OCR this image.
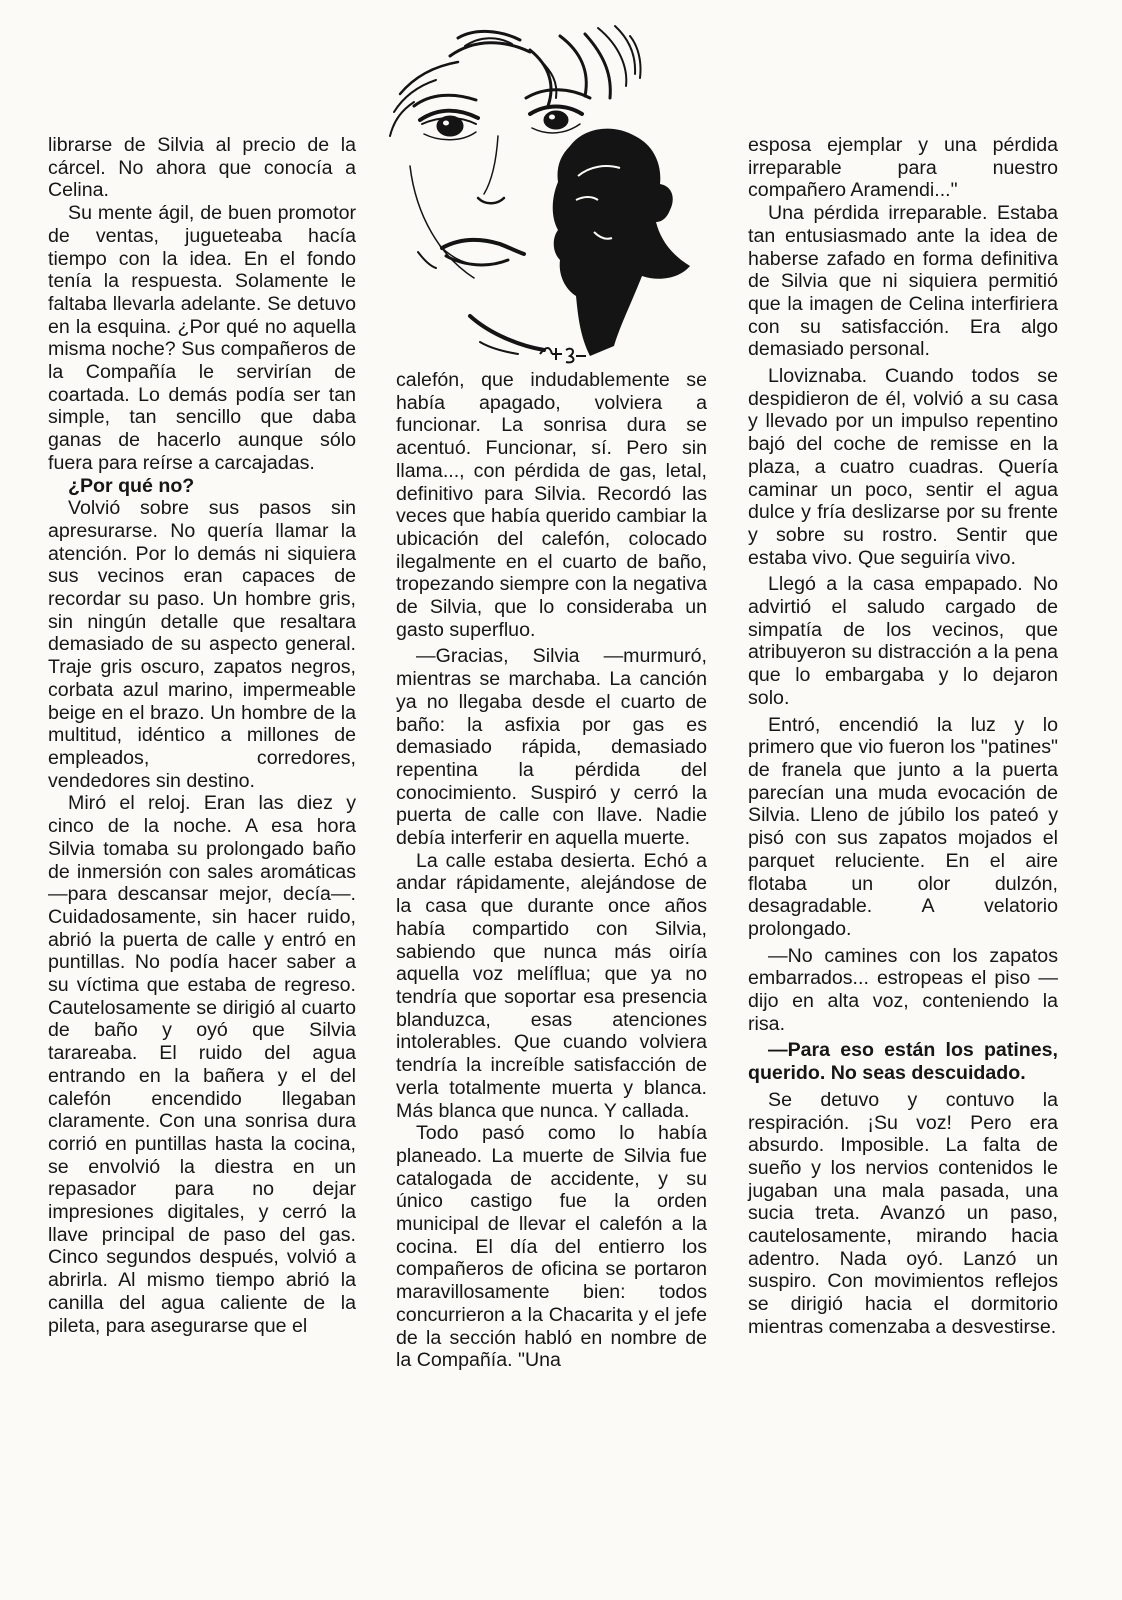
librarse de Silvia al precio de la cárcel. No ahora que conocía a Celina.

Su mente ágil, de buen promotor de ventas, jugueteaba hacía tiempo con la idea. En el fondo tenía la respuesta. Solamente le faltaba llevarla adelante. Se detuvo en la esquina. ¿Por qué no aquella misma noche? Sus compañeros de la Compañía le servirían de coartada. Lo demás podía ser tan simple, tan sencillo que daba ganas de hacerlo aunque sólo fuera para reírse a carcajadas.

¿Por qué no?

Volvió sobre sus pasos sin apresurarse. No quería llamar la atención. Por lo demás ni siquiera sus vecinos eran capaces de recordar su paso. Un hombre gris, sin ningún detalle que resaltara demasiado de su aspecto general. Traje gris oscuro, zapatos negros, corbata azul marino, impermeable beige en el brazo. Un hombre de la multitud, idéntico a millones de empleados, corredores, vendedores sin destino.

Miró el reloj. Eran las diez y cinco de la noche. A esa hora Silvia tomaba su prolongado baño de inmersión con sales aromáticas —para descansar mejor, decía—. Cuidadosamente, sin hacer ruido, abrió la puerta de calle y entró en puntillas. No podía hacer saber a su víctima que estaba de regreso. Cautelosamente se dirigió al cuarto de baño y oyó que Silvia tarareaba. El ruido del agua entrando en la bañera y el del calefón encendido llegaban claramente. Con una sonrisa dura corrió en puntillas hasta la cocina, se envolvió la diestra en un repasador para no dejar impresiones digitales, y cerró la llave principal de paso del gas. Cinco segundos después, volvió a abrirla. Al mismo tiempo abrió la canilla del agua caliente de la pileta, para asegurarse que el

calefón, que indudablemente se había apagado, volviera a funcionar. La sonrisa dura se acentuó. Funcionar, sí. Pero sin llama..., con pérdida de gas, letal, definitivo para Silvia. Recordó las veces que había querido cambiar la ubicación del calefón, colocado ilegalmente en el cuarto de baño, tropezando siempre con la negativa de Silvia, que lo consideraba un gasto superfluo.

—Gracias, Silvia —murmuró, mientras se marchaba. La canción ya no llegaba desde el cuarto de baño: la asfixia por gas es demasiado rápida, demasiado repentina la pérdida del conocimiento. Suspiró y cerró la puerta de calle con llave. Nadie debía interferir en aquella muerte.

La calle estaba desierta. Echó a andar rápidamente, alejándose de la casa que durante once años había compartido con Silvia, sabiendo que nunca más oiría aquella voz melíflua; que ya no tendría que soportar esa presencia blanduzca, esas atenciones intolerables. Que cuando volviera tendría la increíble satisfacción de verla totalmente muerta y blanca. Más blanca que nunca. Y callada.

Todo pasó como lo había planeado. La muerte de Silvia fue catalogada de accidente, y su único castigo fue la orden municipal de llevar el calefón a la cocina. El día del entierro los compañeros de oficina se portaron maravillosamente bien: todos concurrieron a la Chacarita y el jefe de la sección habló en nombre de la Compañía. "Una

esposa ejemplar y una pérdida irreparable para nuestro compañero Aramendi..."

Una pérdida irreparable. Estaba tan entusiasmado ante la idea de haberse zafado en forma definitiva de Silvia que ni siquiera permitió que la imagen de Celina interfiriera con su satisfacción. Era algo demasiado personal.

Lloviznaba. Cuando todos se despidieron de él, volvió a su casa y llevado por un impulso repentino bajó del coche de remisse en la plaza, a cuatro cuadras. Quería caminar un poco, sentir el agua dulce y fría deslizarse por su frente y sobre su rostro. Sentir que estaba vivo. Que seguiría vivo.

Llegó a la casa empapado. No advirtió el saludo cargado de simpatía de los vecinos, que atribuyeron su distracción a la pena que lo embargaba y lo dejaron solo.

Entró, encendió la luz y lo primero que vio fueron los "patines" de franela que junto a la puerta parecían una muda evocación de Silvia. Lleno de júbilo los pateó y pisó con sus zapatos mojados el parquet reluciente. En el aire flotaba un olor dulzón, desagradable. A velatorio prolongado.

—No camines con los zapatos embarrados... estropeas el piso —dijo en alta voz, conteniendo la risa.

—Para eso están los patines, querido. No seas descuidado.

Se detuvo y contuvo la respiración. ¡Su voz! Pero era absurdo. Imposible. La falta de sueño y los nervios contenidos le jugaban una mala pasada, una sucia treta. Avanzó un paso, cautelosamente, mirando hacia adentro. Nada oyó. Lanzó un suspiro. Con movimientos reflejos se dirigió hacia el dormitorio mientras comenzaba a desvestirse.
